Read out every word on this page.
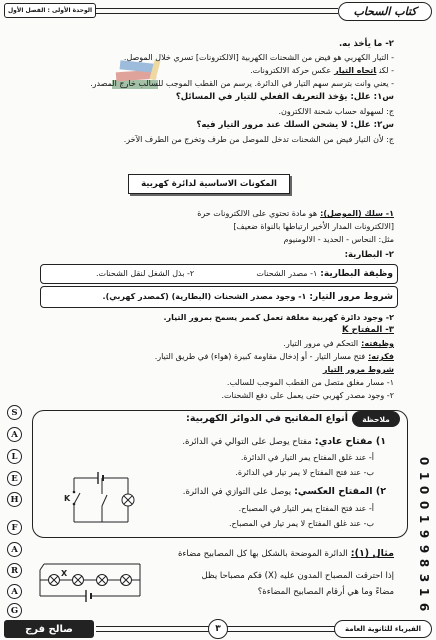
كتاب السحاب
الوحدة الأولى : الفصل الأول
٢- ما يأخذ به.
- التيار الكهربي هو فيض من الشحنات الكهربية [الالكترونات] تسري خلال الموصل.
- لكناتجاه التيارعكس حركة الالكترونات.
- يعني وانت بترسم سهم التيار في الدائرة. يرسم من القطب الموجب للسالب خارج المصدر.
س١: علل: يؤخذ التعريف الفعلي للتيار في المسائل؟
ج: لسهولة حساب شحنة الالكترون.
س٢: علل: لا يشحن السلك عند مرور التيار فيه؟
ج: لأن التيار فيض من الشحنات تدخل للموصل من طرف وتخرج من الطرف الآخر.
المكونات الاساسية لدائرة كهربية
١- سلك (الموصل):هو مادة تحتوي على الالكترونات حرة
[الالكترونات المدار الأخير ارتباطها بالنواة ضعيف]
مثل: النحاس - الحديد - الالومنيوم
٢- البطارية:
وظيفة البطارية:١- مصدر الشحنات
٢- بذل الشغل لنقل الشحنات.
شروط مرور التيار:١- وجود مصدر الشحنات (البطارية) (كمصدر كهربي).
٢- وجود دائرة كهربية مغلقة تعمل كممر يسمح بمرور التيار.
٣- المفتاح K
وظيفته:التحكم في مرور التيار.
فكرته:فتح مسار التيار - أو إدخال مقاومة كبيرة (هواء) في طريق التيار.
شروط مرور التيار
١- مسار مغلق متصل من القطب الموجب للسالب.
٢- وجود مصدر كهربي حتى يعمل على دفع الشحنات.
ملاحظة
أنواع المفاتيح في الدوائر الكهربية:
١) مفتاح عادي:مفتاح يوصل على التوالي في الدائرة.
أ- عند غلق المفتاح يمر التيار في الدائرة.
ب- عند فتح المفتاح لا يمر تيار في الدائرة.
٢) المفتاح العكسي:يوصل على التوازي في الدائرة.
أ- عند فتح المفتاح يمر التيار في المصباح.
ب- عند غلق المفتاح لا يمر تيار في المصباح.
K
مثال (١):الدائرة الموضحة بالشكل بها كل المصابيح مضاءة
إذا احترقت المصباح المدون عليه (X) فكم مصباحا يظل
مضاءً وما هي أرقام المصابيح المضاءة؟
X
S
A
L
E
H
F
A
R
A
G
0
1
0
0
1
9
9
8
3
1
6
صالح فرج	٣	الفيزياء للثانوية العامة
